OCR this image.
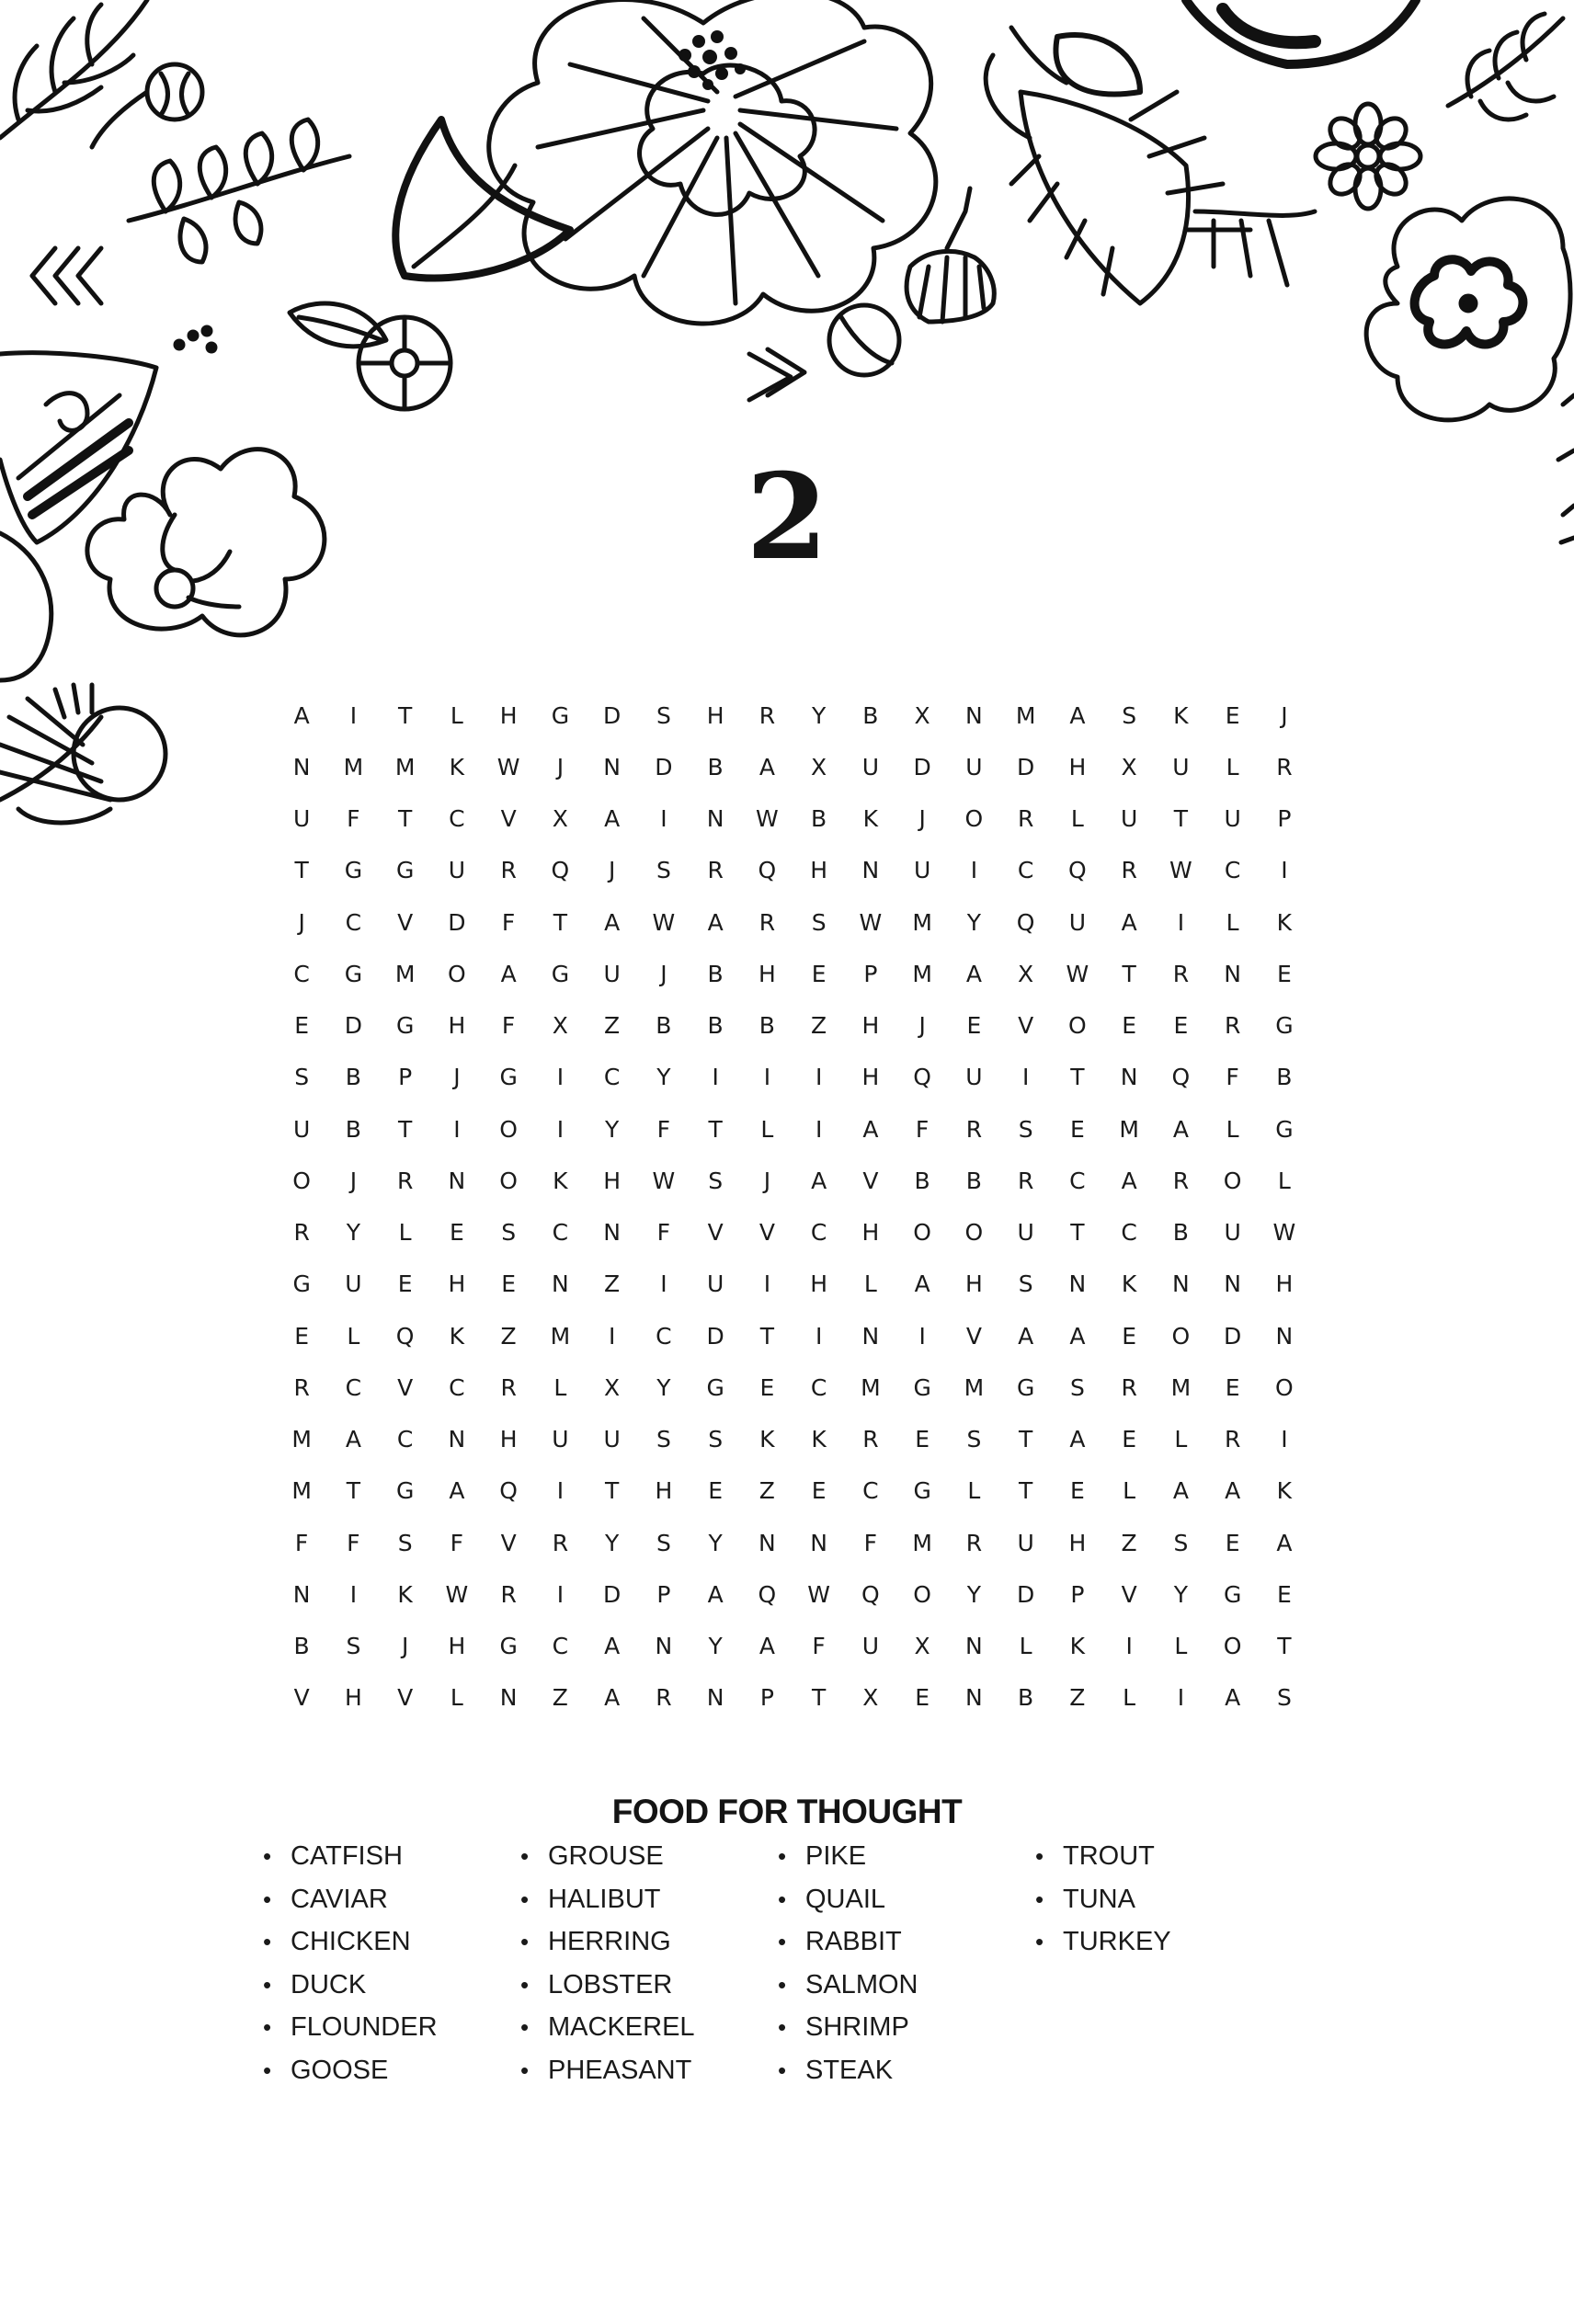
2
A	I	T	L	H	G	D	S	H	R	Y	B	X	N	M	A	S	K	E	J
N	M	M	K	W	J	N	D	B	A	X	U	D	U	D	H	X	U	L	R
U	F	T	C	V	X	A	I	N	W	B	K	J	O	R	L	U	T	U	P
T	G	G	U	R	Q	J	S	R	Q	H	N	U	I	C	Q	R	W	C	I
J	C	V	D	F	T	A	W	A	R	S	W	M	Y	Q	U	A	I	L	K
C	G	M	O	A	G	U	J	B	H	E	P	M	A	X	W	T	R	N	E
E	D	G	H	F	X	Z	B	B	B	Z	H	J	E	V	O	E	E	R	G
S	B	P	J	G	I	C	Y	I	I	I	H	Q	U	I	T	N	Q	F	B
U	B	T	I	O	I	Y	F	T	L	I	A	F	R	S	E	M	A	L	G
O	J	R	N	O	K	H	W	S	J	A	V	B	B	R	C	A	R	O	L
R	Y	L	E	S	C	N	F	V	V	C	H	O	O	U	T	C	B	U	W
G	U	E	H	E	N	Z	I	U	I	H	L	A	H	S	N	K	N	N	H
E	L	Q	K	Z	M	I	C	D	T	I	N	I	V	A	A	E	O	D	N
R	C	V	C	R	L	X	Y	G	E	C	M	G	M	G	S	R	M	E	O
M	A	C	N	H	U	U	S	S	K	K	R	E	S	T	A	E	L	R	I
M	T	G	A	Q	I	T	H	E	Z	E	C	G	L	T	E	L	A	A	K
F	F	S	F	V	R	Y	S	Y	N	N	F	M	R	U	H	Z	S	E	A
N	I	K	W	R	I	D	P	A	Q	W	Q	O	Y	D	P	V	Y	G	E
B	S	J	H	G	C	A	N	Y	A	F	U	X	N	L	K	I	L	O	T
V	H	V	L	N	Z	A	R	N	P	T	X	E	N	B	Z	L	I	A	S
FOOD FOR THOUGHT
• CATFISH
• CAVIAR
• CHICKEN
• DUCK
• FLOUNDER
• GOOSE
• GROUSE
• HALIBUT
• HERRING
• LOBSTER
• MACKEREL
• PHEASANT
• PIKE
• QUAIL
• RABBIT
• SALMON
• SHRIMP
• STEAK
• TROUT
• TUNA
• TURKEY
